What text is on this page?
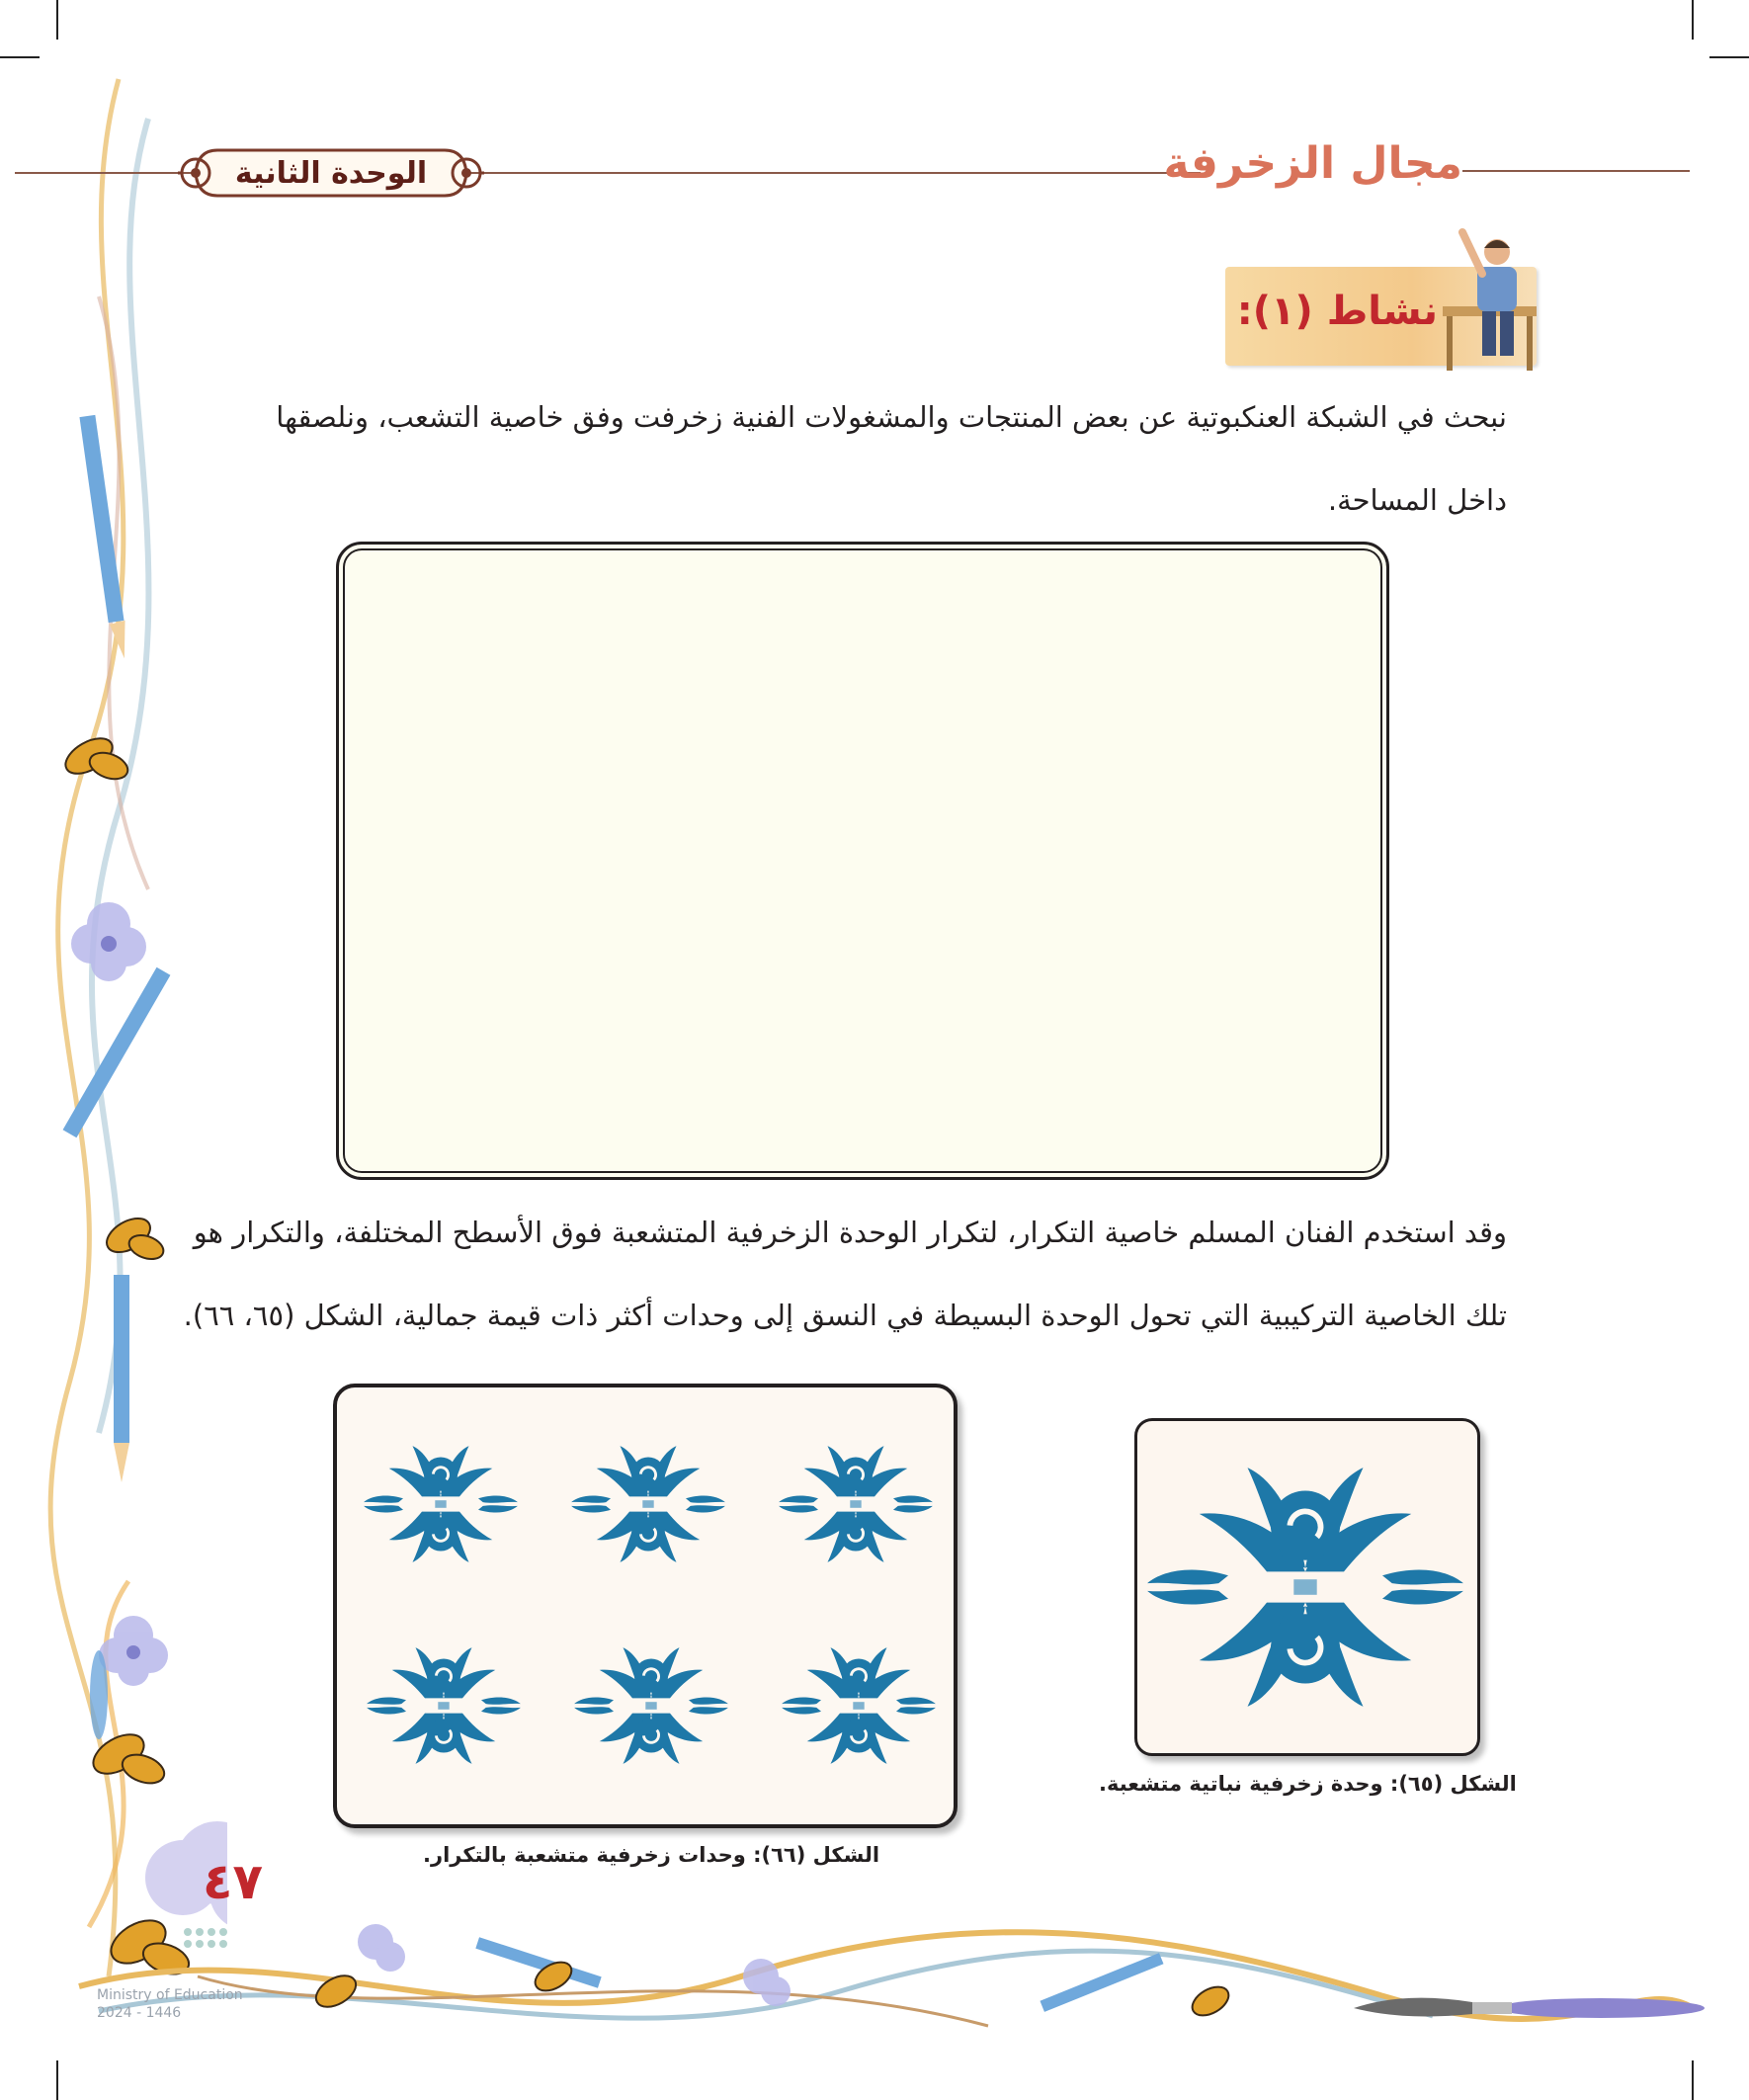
الوحدة الثانية	مجال الزخرفة
نشاط (١):
نبحث في الشبكة العنكبوتية عن بعض المنتجات والمشغولات الفنية زخرفت وفق خاصية التشعب، ونلصقها
داخل المساحة.
وقد استخدم الفنان المسلم خاصية التكرار، لتكرار الوحدة الزخرفية المتشعبة فوق الأسطح المختلفة، والتكرار هو
تلك الخاصية التركيبية التي تحول الوحدة البسيطة في النسق إلى وحدات أكثر ذات قيمة جمالية، الشكل (٦٥، ٦٦).
الشكل (٦٦): وحدات زخرفية متشعبة بالتكرار.
الشكل (٦٥): وحدة زخرفية نباتية متشعبة.
٤٧
Ministry of Education
2024 - 1446
